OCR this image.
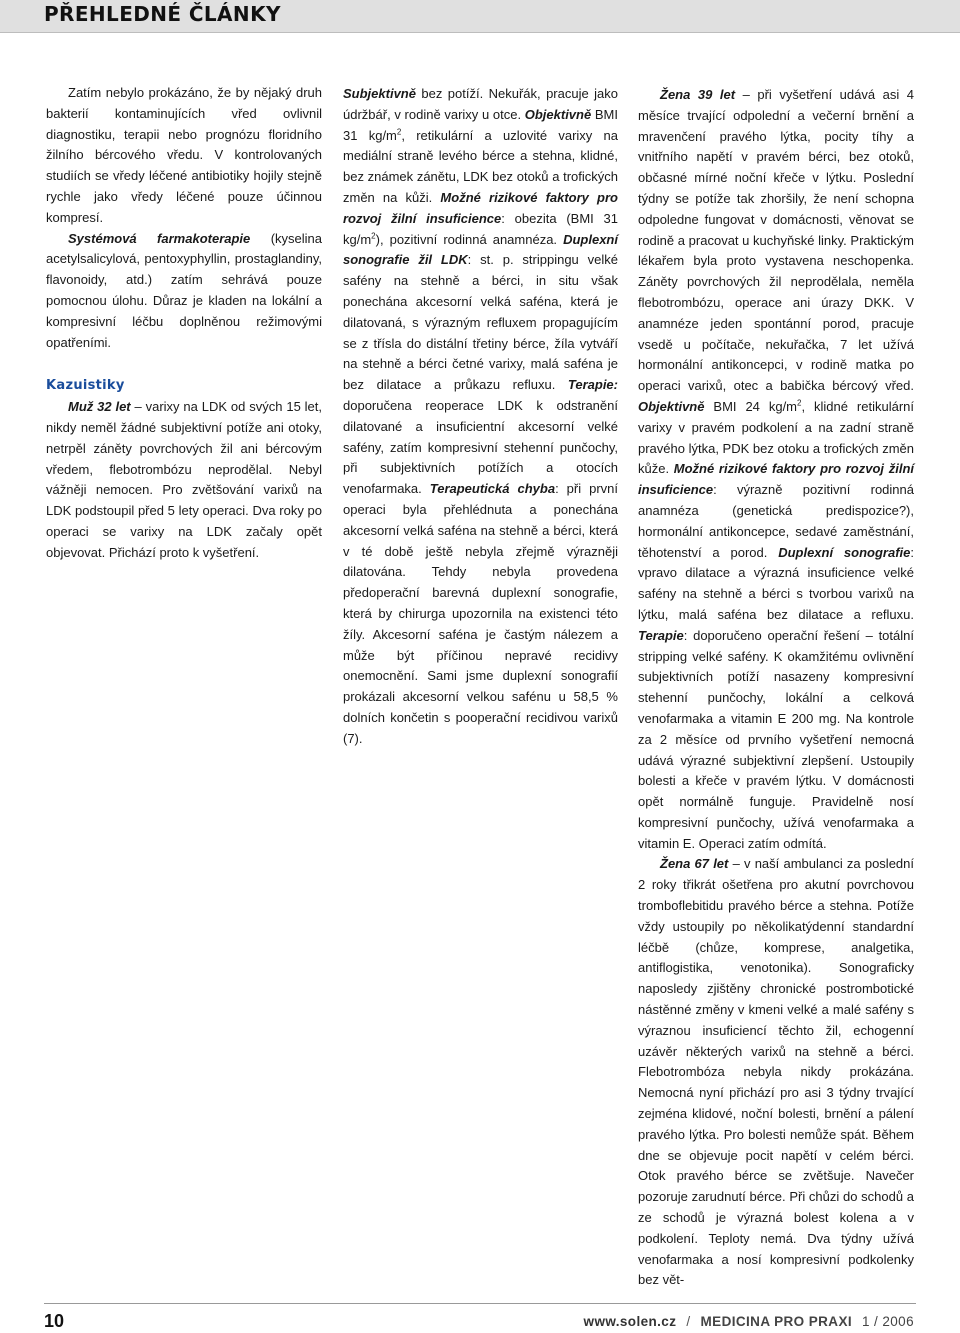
PŘEHLEDNÉ ČLÁNKY

Zatím nebylo prokázáno, že by nějaký druh bakterií kontaminujících vřed ovlivnil diagnostiku, terapii nebo prognózu floridního žilního bércového vředu. V kontrolovaných studiích se vředy léčené antibiotiky hojily stejně rychle jako vředy léčené pouze účinnou kompresí.

Systémová farmakoterapie (kyselina acetylsalicylová, pentoxyphyllin, prostaglandiny, flavonoidy, atd.) zatím sehrává pouze pomocnou úlohu. Důraz je kladen na lokální a kompresivní léčbu doplněnou režimovými opatřeními.

Kazuistiky

Muž 32 let – varixy na LDK od svých 15 let, nikdy neměl žádné subjektivní potíže ani otoky, netrpěl záněty povrchových žil ani bércovým vředem, flebotrombózu neprodělal. Nebyl vážněji nemocen. Pro zvětšování varixů na LDK podstoupil před 5 lety operaci. Dva roky po operaci se varixy na LDK začaly opět objevovat. Přichází proto k vyšetření.

Subjektivně bez potíží. Nekuřák, pracuje jako údržbář, v rodině varixy u otce. Objektivně BMI 31 $kg/m^2$, retikulární a uzlovité varixy na mediální straně levého bérce a stehna, klidné, bez známek zánětu, LDK bez otoků a trofických změn na kůži. Možné rizikové faktory pro rozvoj žilní insuficience: obezita (BMI 31 $kg/m^2$), pozitivní rodinná anamnéza. Duplexní sonografie žil LDK: st. p. strippingu velké safény na stehně a bérci, in situ však ponechána akcesorní velká saféna, která je dilatovaná, s výrazným refluxem propagujícím se z třísla do distální třetiny bérce, žíla vytváří na stehně a bérci četné varixy, malá saféna je bez dilatace a průkazu refluxu. Terapie: doporučena reoperace LDK k odstranění dilatované a insuficientní akcesorní velké safény, zatím kompresivní stehenní punčochy, při subjektivních potížích a otocích venofarmaka. Terapeutická chyba: při první operaci byla přehlédnuta a ponechána akcesorní velká saféna na stehně a bérci, která v té době ještě nebyla zřejmě výrazněji dilatována. Tehdy nebyla provedena předoperační barevná duplexní sonografie, která by chirurga upozornila na existenci této žíly. Akcesorní saféna je častým nálezem a může být příčinou nepravé recidivy onemocnění. Sami jsme duplexní sonografií prokázali akcesorní velkou safénu u 58,5 % dolních končetin s pooperační recidivou varixů (7).

Žena 39 let – při vyšetření udává asi 4 měsíce trvající odpolední a večerní brnění a mravenčení pravého lýtka, pocity tíhy a vnitřního napětí v pravém bérci, bez otoků, občasné mírné noční křeče v lýtku. Poslední týdny se potíže tak zhoršily, že není schopna odpoledne fungovat v domácnosti, věnovat se rodině a pracovat u kuchyňské linky. Praktickým lékařem byla proto vystavena neschopenka. Záněty povrchových žil neprodělala, neměla flebotrombózu, operace ani úrazy DKK. V anamnéze jeden spontánní porod, pracuje vsedě u počítače, nekuřačka, 7 let užívá hormonální antikoncepci, v rodině matka po operaci varixů, otec a babička bércový vřed. Objektivně BMI 24 $kg/m^2$, klidné retikulární varixy v pravém podkolení a na zadní straně pravého lýtka, PDK bez otoku a trofických změn kůže. Možné rizikové faktory pro rozvoj žilní insuficience: výrazně pozitivní rodinná anamnéza (genetická predispozice?), hormonální antikoncepce, sedavé zaměstnání, těhotenství a porod. Duplexní sonografie: vpravo dilatace a výrazná insuficience velké safény na stehně a bérci s tvorbou varixů na lýtku, malá saféna bez dilatace a refluxu. Terapie: doporučeno operační řešení – totální stripping velké safény. K okamžitému ovlivnění subjektivních potíží nasazeny kompresivní stehenní punčochy, lokální a celková venofarmaka a vitamin E 200 mg. Na kontrole za 2 měsíce od prvního vyšetření nemocná udává výrazné subjektivní zlepšení. Ustoupily bolesti a křeče v pravém lýtku. V domácnosti opět normálně funguje. Pravidelně nosí kompresivní punčochy, užívá venofarmaka a vitamin E. Operaci zatím odmítá.

Žena 67 let – v naší ambulanci za poslední 2 roky třikrát ošetřena pro akutní povrchovou tromboflebitidu pravého bérce a stehna. Potíže vždy ustoupily po několikatýdenní standardní léčbě (chůze, komprese, analgetika, antiflogistika, venotonika). Sonograficky naposledy zjištěny chronické postrombotické nástěnné změny v kmeni velké a malé safény s výraznou insuficiencí těchto žil, echogenní uzávěr některých varixů na stehně a bérci. Flebotrombóza nebyla nikdy prokázána. Nemocná nyní přichází pro asi 3 týdny trvající zejména klidové, noční bolesti, brnění a pálení pravého lýtka. Pro bolesti nemůže spát. Během dne se objevuje pocit napětí v celém bérci. Otok pravého bérce se zvětšuje. Navečer pozoruje zarudnutí bérce. Při chůzi do schodů a ze schodů je výrazná bolest kolena a v podkolení. Teploty nemá. Dva týdny užívá venofarmaka a nosí kompresivní podkolenky bez vět-

10	www.solen.cz / MEDICINA PRO PRAXI 1 / 2006
